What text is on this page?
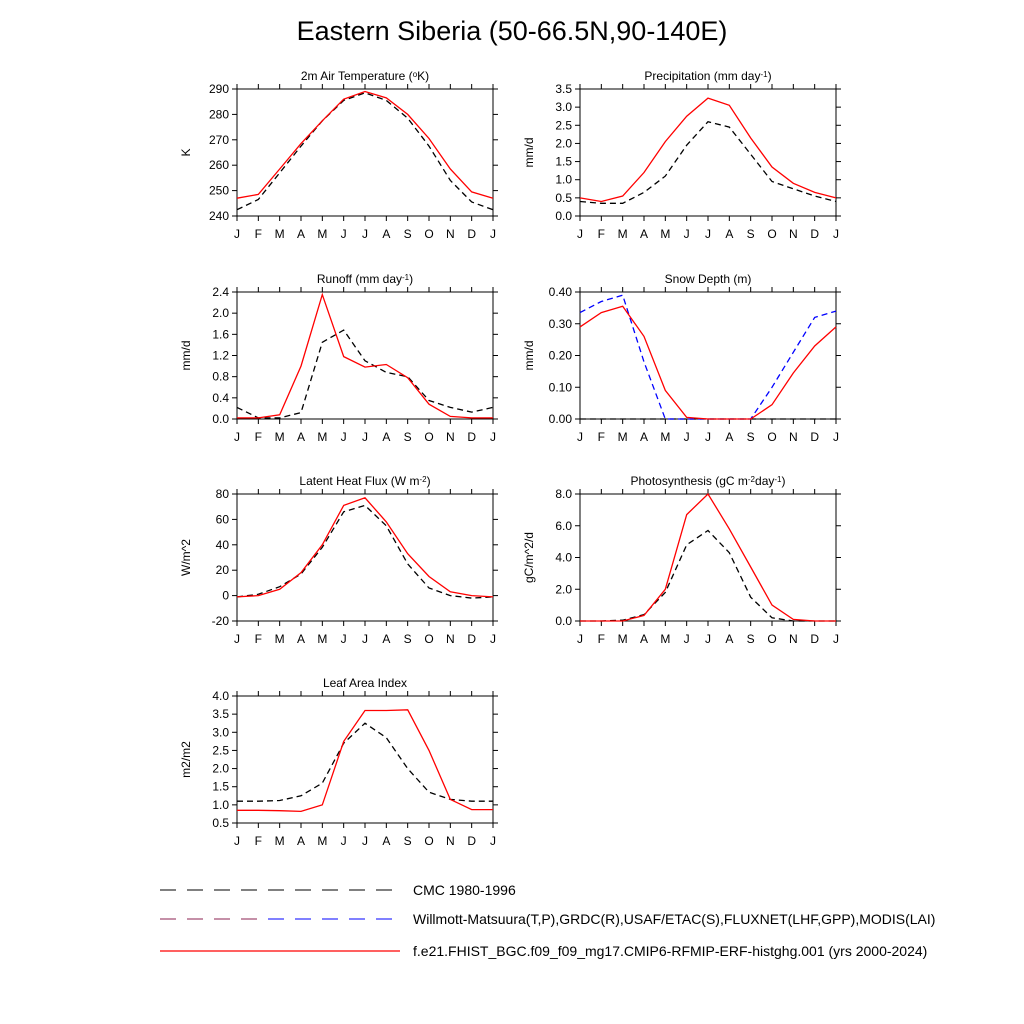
Eastern Siberia (50-66.5N,90-140E)
2m Air Temperature (oK)
K
240
250
260
270
280
290
J F M A M J J A S O N D J
Precipitation (mm day-1)
mm/d
0.0
0.5
1.0
1.5
2.0
2.5
3.0
3.5
J F M A M J J A S O N D J
Runoff (mm day-1)
mm/d
0.0
0.4
0.8
1.2
1.6
2.0
2.4
J F M A M J J A S O N D J
Snow Depth (m)
mm/d
0.00
0.10
0.20
0.30
0.40
J F M A M J J A S O N D J
Latent Heat Flux (W m-2)
W/m^2
-20
0
20
40
60
80
J F M A M J J A S O N D J
Photosynthesis (gC m-2day-1)
gC/m^2/d
0.0
2.0
4.0
6.0
8.0
J F M A M J J A S O N D J
Leaf Area Index
m2/m2
0.5
1.0
1.5
2.0
2.5
3.0
3.5
4.0
J F M A M J J A S O N D J
CMC 1980-1996
Willmott-Matsuura(T,P),GRDC(R),USAF/ETAC(S),FLUXNET(LHF,GPP),MODIS(LAI)
f.e21.FHIST_BGC.f09_f09_mg17.CMIP6-RFMIP-ERF-histghg.001 (yrs 2000-2024)
